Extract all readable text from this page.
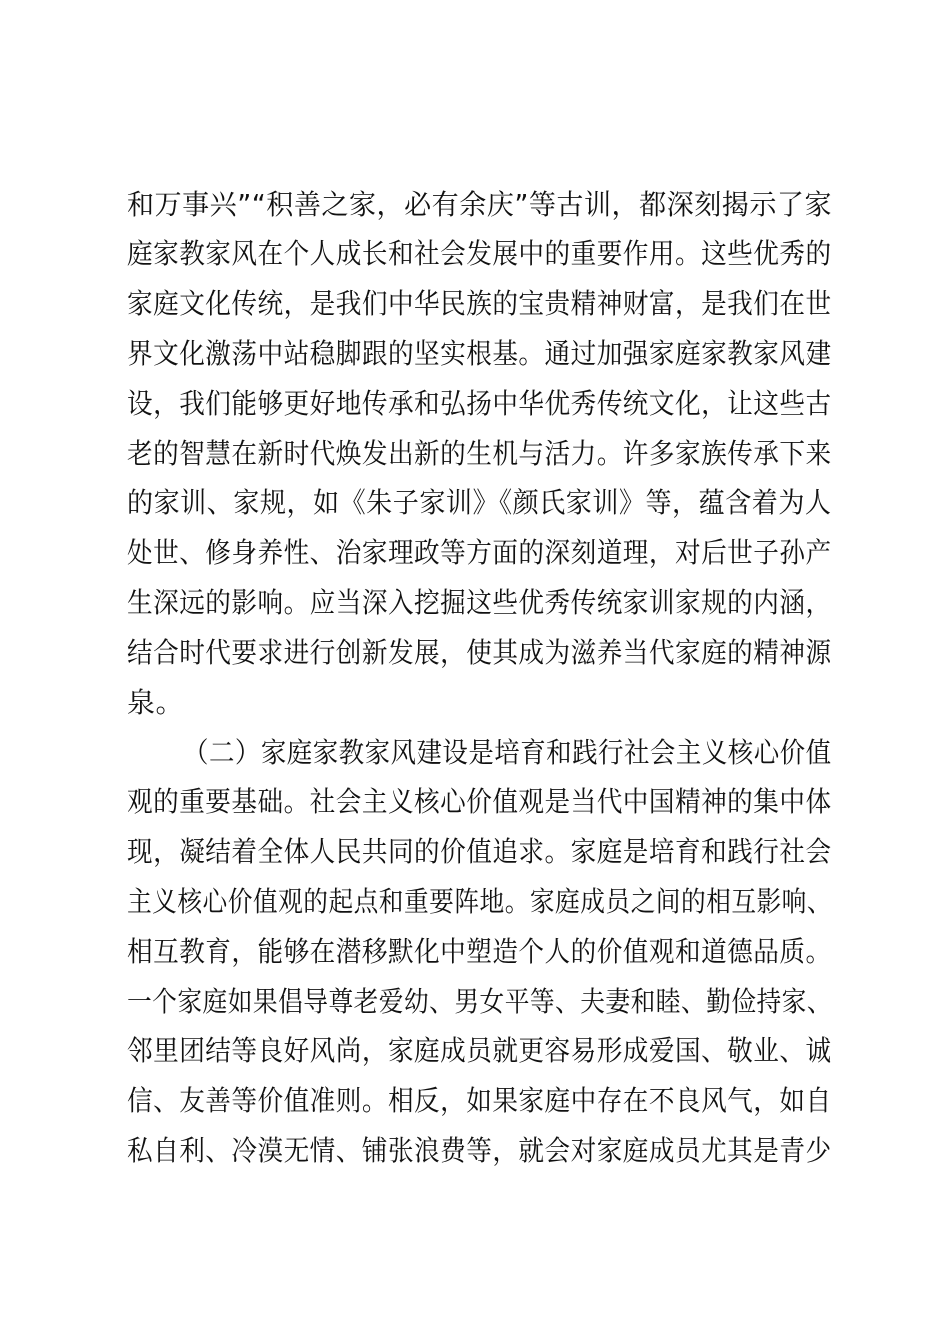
和万事兴”“积善之家，必有余庆”等古训，都深刻揭示了家
庭家教家风在个人成长和社会发展中的重要作用。这些优秀的
家庭文化传统，是我们中华民族的宝贵精神财富，是我们在世
界文化激荡中站稳脚跟的坚实根基。通过加强家庭家教家风建
设，我们能够更好地传承和弘扬中华优秀传统文化，让这些古
老的智慧在新时代焕发出新的生机与活力。许多家族传承下来
的家训、家规，如《朱子家训》《颜氏家训》等，蕴含着为人
处世、修身养性、治家理政等方面的深刻道理，对后世子孙产
生深远的影响。应当深入挖掘这些优秀传统家训家规的内涵，
结合时代要求进行创新发展，使其成为滋养当代家庭的精神源
泉。
（二）家庭家教家风建设是培育和践行社会主义核心价值
观的重要基础。社会主义核心价值观是当代中国精神的集中体
现，凝结着全体人民共同的价值追求。家庭是培育和践行社会
主义核心价值观的起点和重要阵地。家庭成员之间的相互影响、
相互教育，能够在潜移默化中塑造个人的价值观和道德品质。
一个家庭如果倡导尊老爱幼、男女平等、夫妻和睦、勤俭持家、
邻里团结等良好风尚，家庭成员就更容易形成爱国、敬业、诚
信、友善等价值准则。相反，如果家庭中存在不良风气，如自
私自利、冷漠无情、铺张浪费等，就会对家庭成员尤其是青少
